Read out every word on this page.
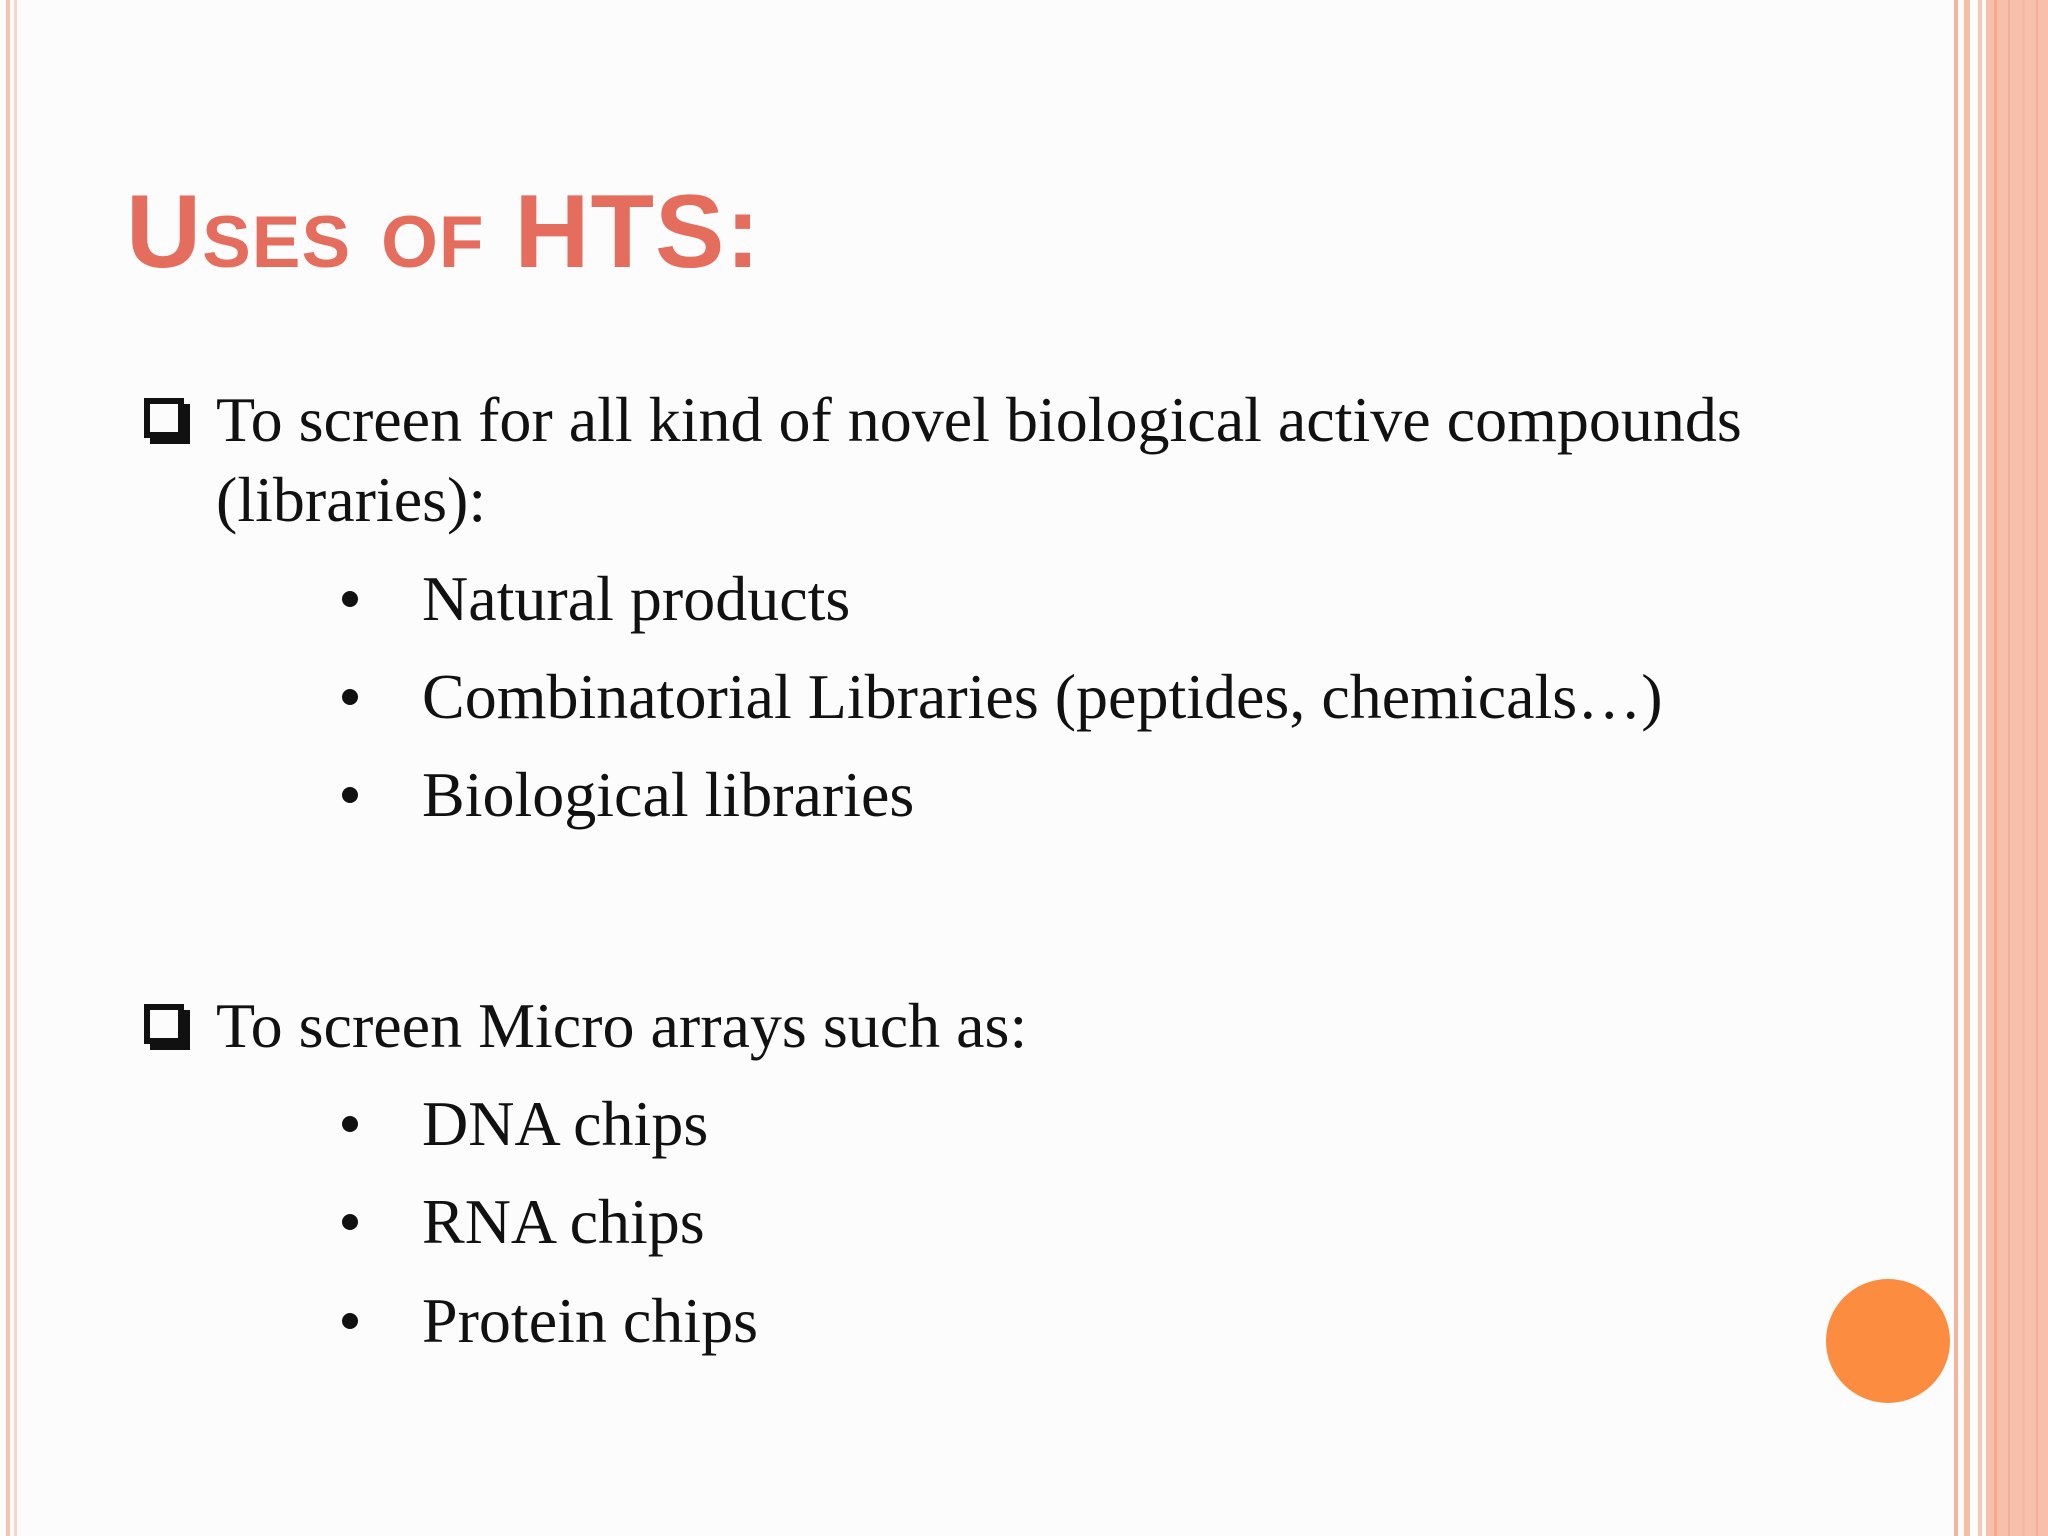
Uses of HTS:
To screen for all kind of novel biological active compounds
(libraries):
Natural products
Combinatorial Libraries (peptides, chemicals…)
Biological libraries
To screen Micro arrays such as:
DNA chips
RNA chips
Protein chips
